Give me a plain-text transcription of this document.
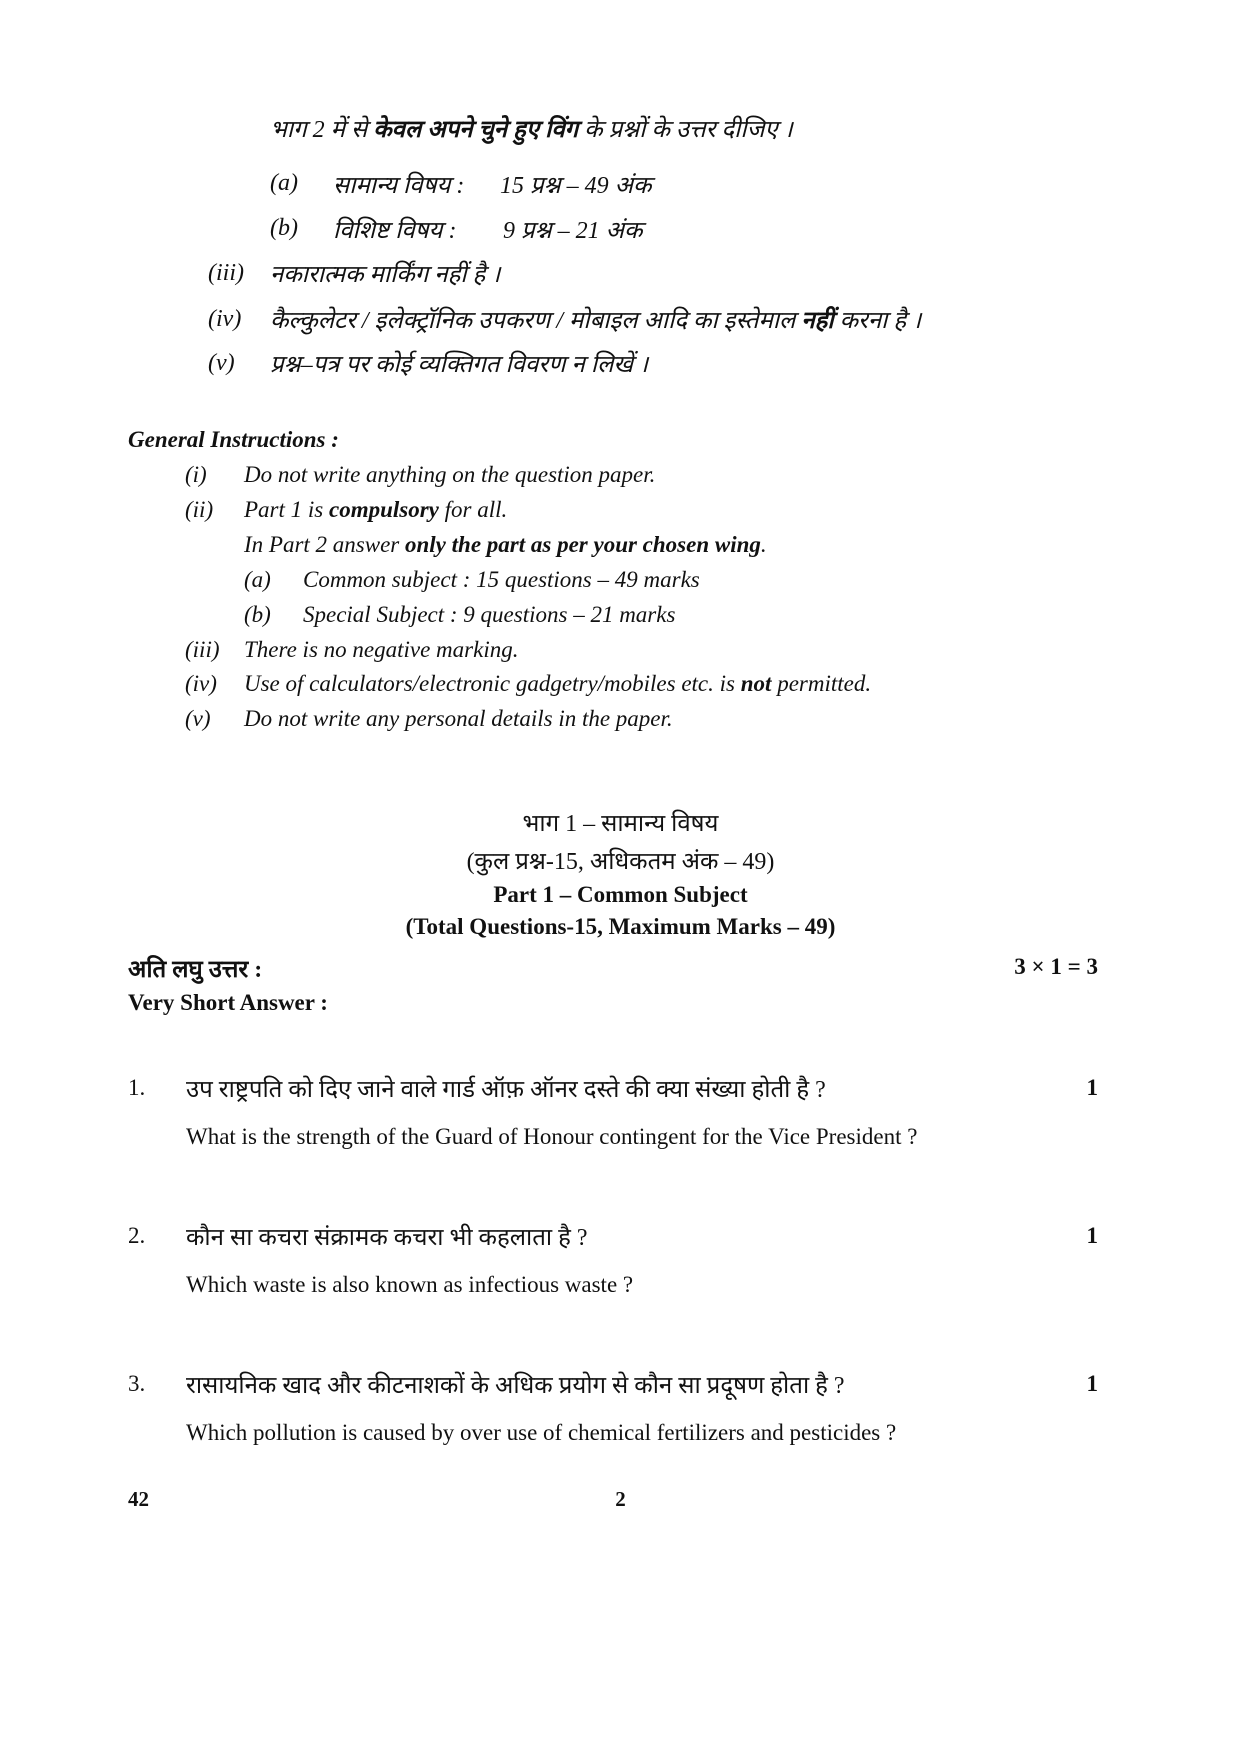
भाग 2 में से केवल अपने चुने हुए विंग के प्रश्नों के उत्तर दीजिए ।
(a) सामान्य विषय : 15 प्रश्न – 49 अंक
(b) विशिष्ट विषय : 9 प्रश्न – 21 अंक
(iii) नकारात्मक मार्किंग नहीं है ।
(iv) कैल्कुलेटर / इलेक्ट्रॉनिक उपकरण / मोबाइल आदि का इस्तेमाल नहीं करना है ।
(v) प्रश्न–पत्र पर कोई व्यक्तिगत विवरण न लिखें ।
General Instructions :
(i) Do not write anything on the question paper.
(ii) Part 1 is compulsory for all.
In Part 2 answer only the part as per your chosen wing.
(a) Common subject : 15 questions – 49 marks
(b) Special Subject : 9 questions – 21 marks
(iii) There is no negative marking.
(iv) Use of calculators/electronic gadgetry/mobiles etc. is not permitted.
(v) Do not write any personal details in the paper.
भाग 1 – सामान्य विषय
(कुल प्रश्न-15, अधिकतम अंक – 49)
Part 1 – Common Subject
(Total Questions-15, Maximum Marks – 49)
अति लघु उत्तर :	3 × 1 = 3
Very Short Answer :
1. उप राष्ट्रपति को दिए जाने वाले गार्ड ऑफ़ ऑनर दस्ते की क्या संख्या होती है ?	1
What is the strength of the Guard of Honour contingent for the Vice President ?
2. कौन सा कचरा संक्रामक कचरा भी कहलाता है ?	1
Which waste is also known as infectious waste ?
3. रासायनिक खाद और कीटनाशकों के अधिक प्रयोग से कौन सा प्रदूषण होता है ?	1
Which pollution is caused by over use of chemical fertilizers and pesticides ?
42	2
